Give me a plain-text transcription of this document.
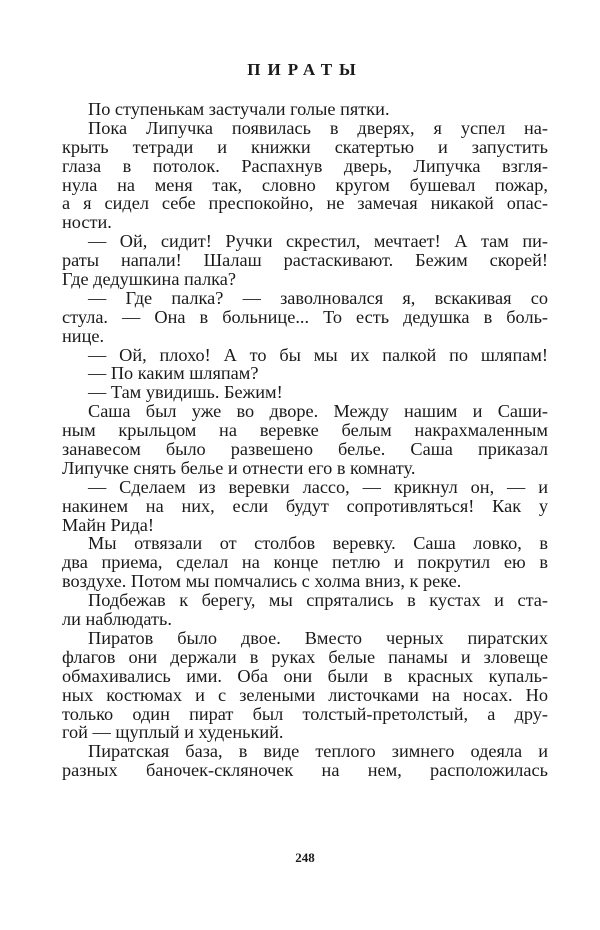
ПИРАТЫ
По ступенькам застучали голые пятки.
Пока Липучка появилась в дверях, я успел на-
крыть тетради и книжки скатертью и запустить
глаза в потолок. Распахнув дверь, Липучка взгля-
нула на меня так, словно кругом бушевал пожар,
а я сидел себе преспокойно, не замечая никакой опас-
ности.
— Ой, сидит! Ручки скрестил, мечтает! А там пи-
раты напали! Шалаш растаскивают. Бежим скорей!
Где дедушкина палка?
— Где палка? — заволновался я, вскакивая со
стула. — Она в больнице... То есть дедушка в боль-
нице.
— Ой, плохо! А то бы мы их палкой по шляпам!
— По каким шляпам?
— Там увидишь. Бежим!
Саша был уже во дворе. Между нашим и Саши-
ным крыльцом на веревке белым накрахмаленным
занавесом было развешено белье. Саша приказал
Липучке снять белье и отнести его в комнату.
— Сделаем из веревки лассо, — крикнул он, — и
накинем на них, если будут сопротивляться! Как у
Майн Рида!
Мы отвязали от столбов веревку. Саша ловко, в
два приема, сделал на конце петлю и покрутил ею в
воздухе. Потом мы помчались с холма вниз, к реке.
Подбежав к берегу, мы спрятались в кустах и ста-
ли наблюдать.
Пиратов было двое. Вместо черных пиратских
флагов они держали в руках белые панамы и зловеще
обмахивались ими. Оба они были в красных купаль-
ных костюмах и с зелеными листочками на носах. Но
только один пират был толстый-претолстый, а дру-
гой — щуплый и худенький.
Пиратская база, в виде теплого зимнего одеяла и
разных баночек-скляночек на нем, расположилась
248
